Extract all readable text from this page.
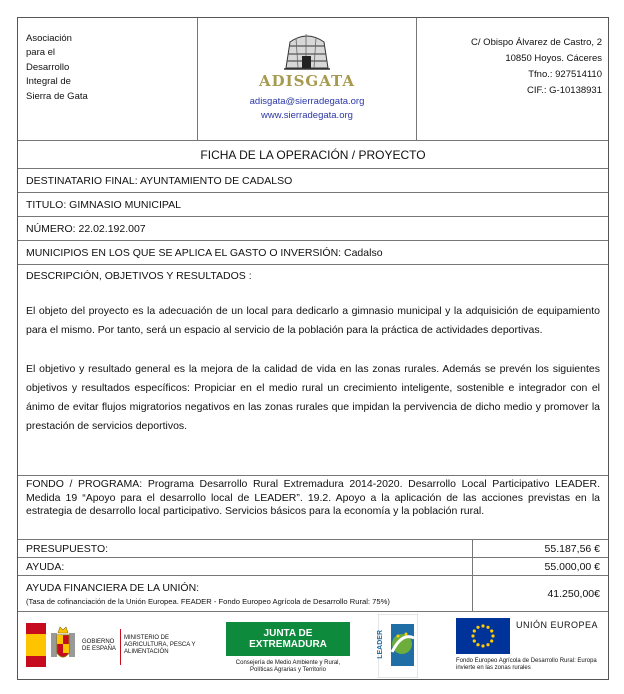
Asociación
para el
Desarrollo
Integral de
Sierra de Gata
ADISGATA
adisgata@sierradegata.org
www.sierradegata.org
C/ Obispo Álvarez de Castro, 2
10850 Hoyos. Cáceres
Tfno.: 927514110
CIF.: G-10138931
FICHA DE LA OPERACIÓN / PROYECTO
DESTINATARIO FINAL: AYUNTAMIENTO DE CADALSO
TITULO: GIMNASIO MUNICIPAL
NÚMERO: 22.02.192.007
MUNICIPIOS EN LOS QUE SE APLICA EL GASTO O INVERSIÓN: Cadalso
DESCRIPCIÓN, OBJETIVOS Y RESULTADOS :

El objeto del proyecto es la adecuación de un local para dedicarlo a gimnasio municipal y la adquisición de equipamiento para el mismo. Por tanto, será un espacio al servicio de la población para la práctica de actividades deportivas.

El objetivo y resultado general es la mejora de la calidad de vida en las zonas rurales. Además se prevén los siguientes objetivos y resultados específicos: Propiciar en el medio rural un crecimiento inteligente, sostenible e integrador con el ánimo de evitar flujos migratorios negativos en las zonas rurales que impidan la pervivencia de dicho medio y promover la prestación de servicios deportivos.

FONDO / PROGRAMA: Programa Desarrollo Rural Extremadura 2014-2020. Desarrollo Local Participativo LEADER. Medida 19 “Apoyo para el desarrollo local de LEADER”. 19.2. Apoyo a la aplicación de las acciones previstas en la estrategia de desarrollo local participativo. Servicios básicos para la economía y la población rural.
PRESUPUESTO:	55.187,56 €
AYUDA:	55.000,00 €
AYUDA FINANCIERA DE LA UNIÓN:
(Tasa de cofinanciación de la Unión Europea. FEADER - Fondo Europeo Agrícola de Desarrollo Rural: 75%)
41.250,00€
GOBIERNO DE ESPAÑA
MINISTERIO DE AGRICULTURA, PESCA Y ALIMENTACIÓN
JUNTA DE EXTREMADURA
Consejería de Medio Ambiente y Rural, Políticas Agrarias y Territorio
LEADER
UNIÓN EUROPEA
Fondo Europeo Agrícola de Desarrollo Rural: Europa invierte en las zonas rurales
